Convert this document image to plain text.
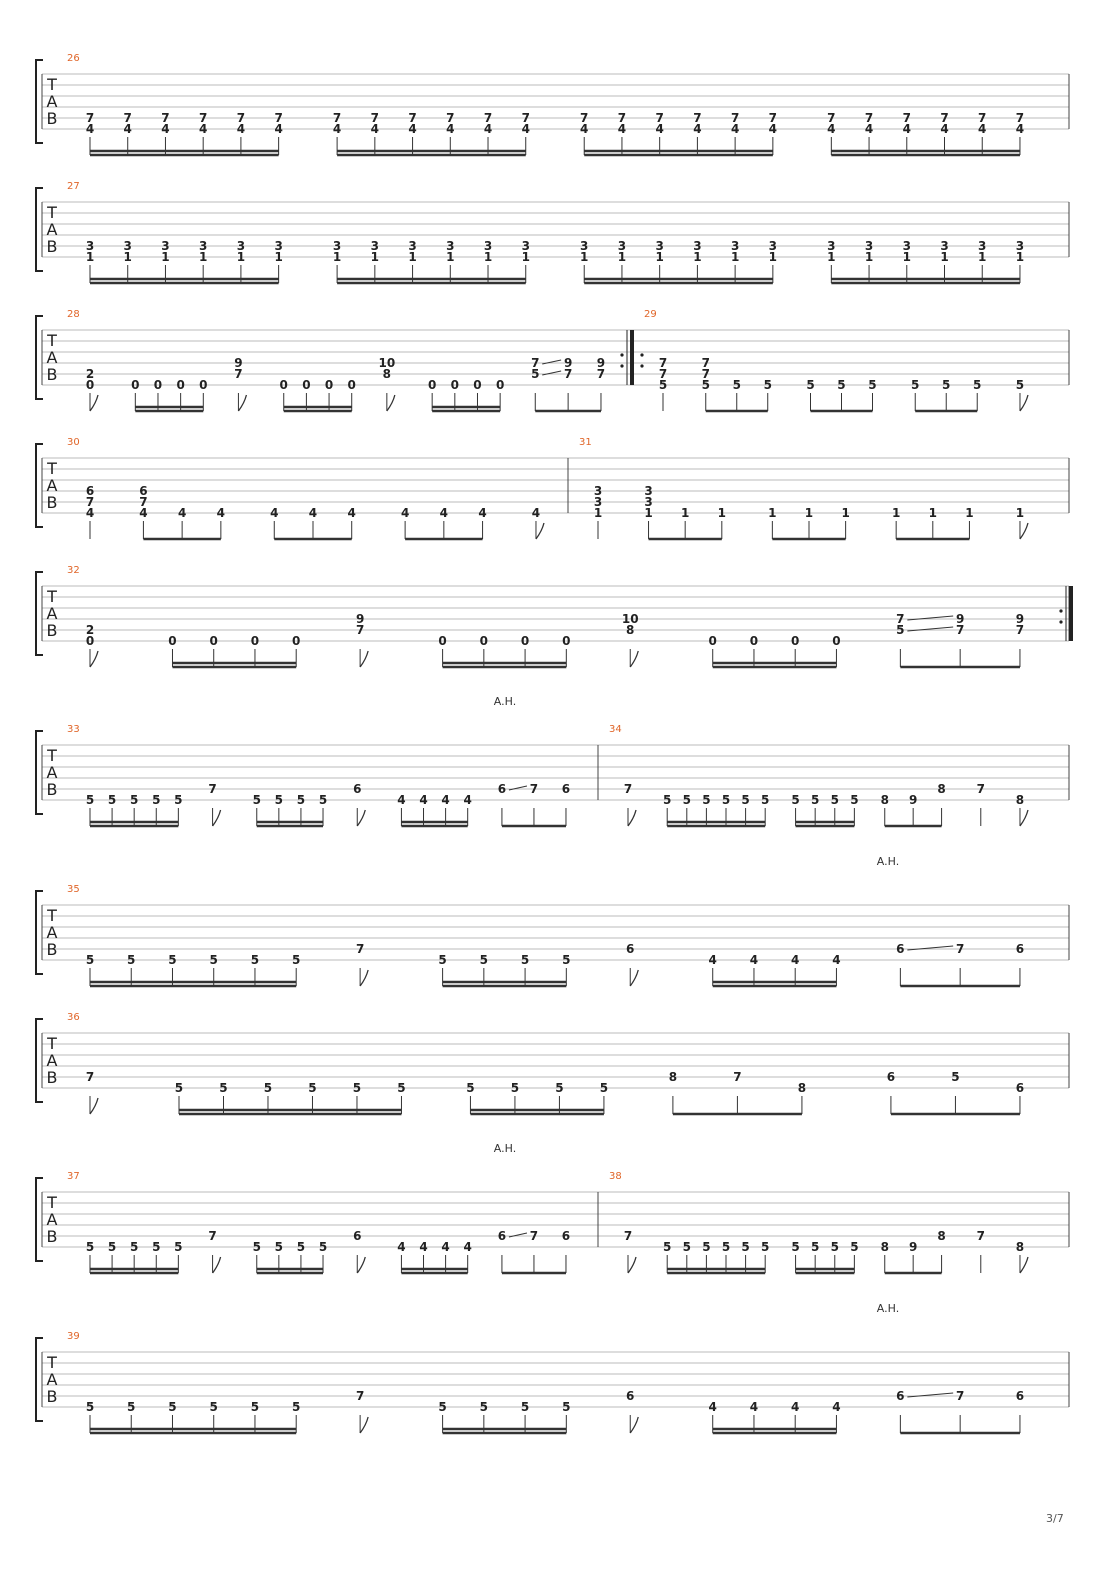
T
A
B
26
7
4
7
4
7
4
7
4
7
4
7
4
7
4
7
4
7
4
7
4
7
4
7
4
7
4
7
4
7
4
7
4
7
4
7
4
7
4
7
4
7
4
7
4
7
4
7
4
T
A
B
27
3
1
3
1
3
1
3
1
3
1
3
1
3
1
3
1
3
1
3
1
3
1
3
1
3
1
3
1
3
1
3
1
3
1
3
1
3
1
3
1
3
1
3
1
3
1
3
1
T
A
B
28
2
0	0 0 0 0
9
7
0 0 0 0
10
8
0 0 0 0
7
5
9
7
9
7
29
7
7
5
7
7
5 5 5	5 5 5	5 5 5	5
T
A
B
30
6
7
4
6
7
4	4	4	4	4	4	4	4	4	4
31
3
3
1
3
3
1 1 1	1 1 1	1 1 1	1
T
A
B
32
2
0	0	0	0	0
9
7
0	0	0	0
10
8
0	0	0	0
7
5
9
7
9
7
T
A
B
A.H.
33
5 5 5 5 5
7
5 5 5 5
6
4 4 4 4
6 7 6
34
7
5 5 5 5 5 5 5 5 5 5 8 9
8	7
8
T
A
B
A.H.
35
5	5	5	5	5	5
7
5	5	5	5
6
4	4	4	4
6	7	6
T
A
B
36
7
5	5	5	5	5	5	5	5	5	5
8	7
8
6	5
6
T
A
B
A.H.
37
5 5 5 5 5
7
5 5 5 5
6
4 4 4 4
6 7 6
38
7
5 5 5 5 5 5 5 5 5 5 8 9
8	7
8
T
A
B
A.H.
39
5	5	5	5	5	5
7
5	5	5	5
6
4	4	4	4
6	7	6
3/7
